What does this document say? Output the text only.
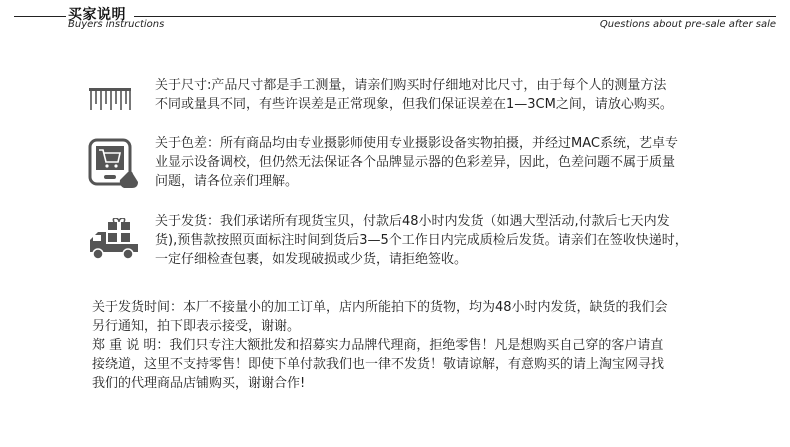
买家说明
Buyers instructions	Questions about pre-sale after sale
关于尺寸:产品尺寸都是手工测量，请亲们购买时仔细地对比尺寸，由于每个人的测量方法
不同或量具不同，有些许误差是正常现象，但我们保证误差在1—3CM之间，请放心购买。
关于色差：所有商品均由专业摄影师使用专业摄影设备实物拍摄，并经过MAC系统，艺卓专
业显示设备调校，但仍然无法保证各个品牌显示器的色彩差异，因此，色差问题不属于质量
问题，请各位亲们理解。
关于发货：我们承诺所有现货宝贝，付款后48小时内发货（如遇大型活动,付款后七天内发
货),预售款按照页面标注时间到货后3—5个工作日内完成质检后发货。请亲们在签收快递时，
一定仔细检查包裹，如发现破损或少货，请拒绝签收。

关于发货时间：本厂不接量小的加工订单，店内所能拍下的货物，均为48小时内发货，缺货的我们会
另行通知，拍下即表示接受，谢谢。

郑 重 说 明：我们只专注大额批发和招募实力品牌代理商，拒绝零售！凡是想购买自己穿的客户请直
接绕道，这里不支持零售！即使下单付款我们也一律不发货！敬请谅解，有意购买的请上淘宝网寻找
我们的代理商品店铺购买，谢谢合作!
